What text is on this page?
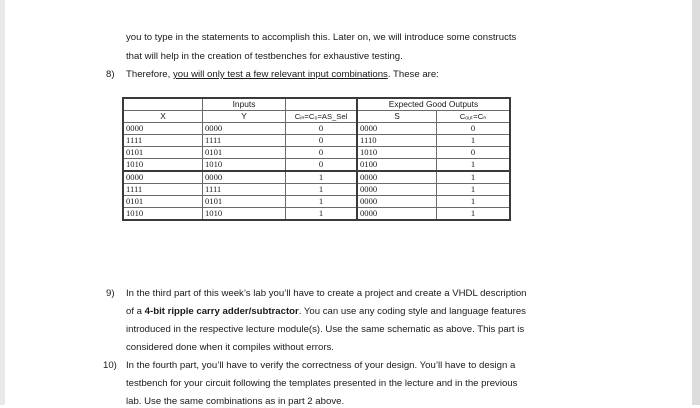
you to type in the statements to accomplish this. Later on, we will introduce some constructs
that will help in the creation of testbenches for exhaustive testing.
8) Therefore, you will only test a few relevant input combinations. These are:
	Inputs		Expected Good Outputs	
X	Y	Cᵢₙ=C₀=AS_Sel	S	Cₒᵤₜ=Cₙ
0000	0000	0	0000	0
1111	1111	0	1110	1
0101	0101	0	1010	0
1010	1010	0	0100	1
0000	0000	1	0000	1
1111	1111	1	0000	1
0101	0101	1	0000	1
1010	1010	1	0000	1
9) In the third part of this week’s lab you’ll have to create a project and create a VHDL description
of a 4-bit ripple carry adder/subtractor. You can use any coding style and language features
introduced in the respective lecture module(s). Use the same schematic as above. This part is
considered done when it compiles without errors.
10) In the fourth part, you’ll have to verify the correctness of your design. You’ll have to design a
testbench for your circuit following the templates presented in the lecture and in the previous
lab. Use the same combinations as in part 2 above.
